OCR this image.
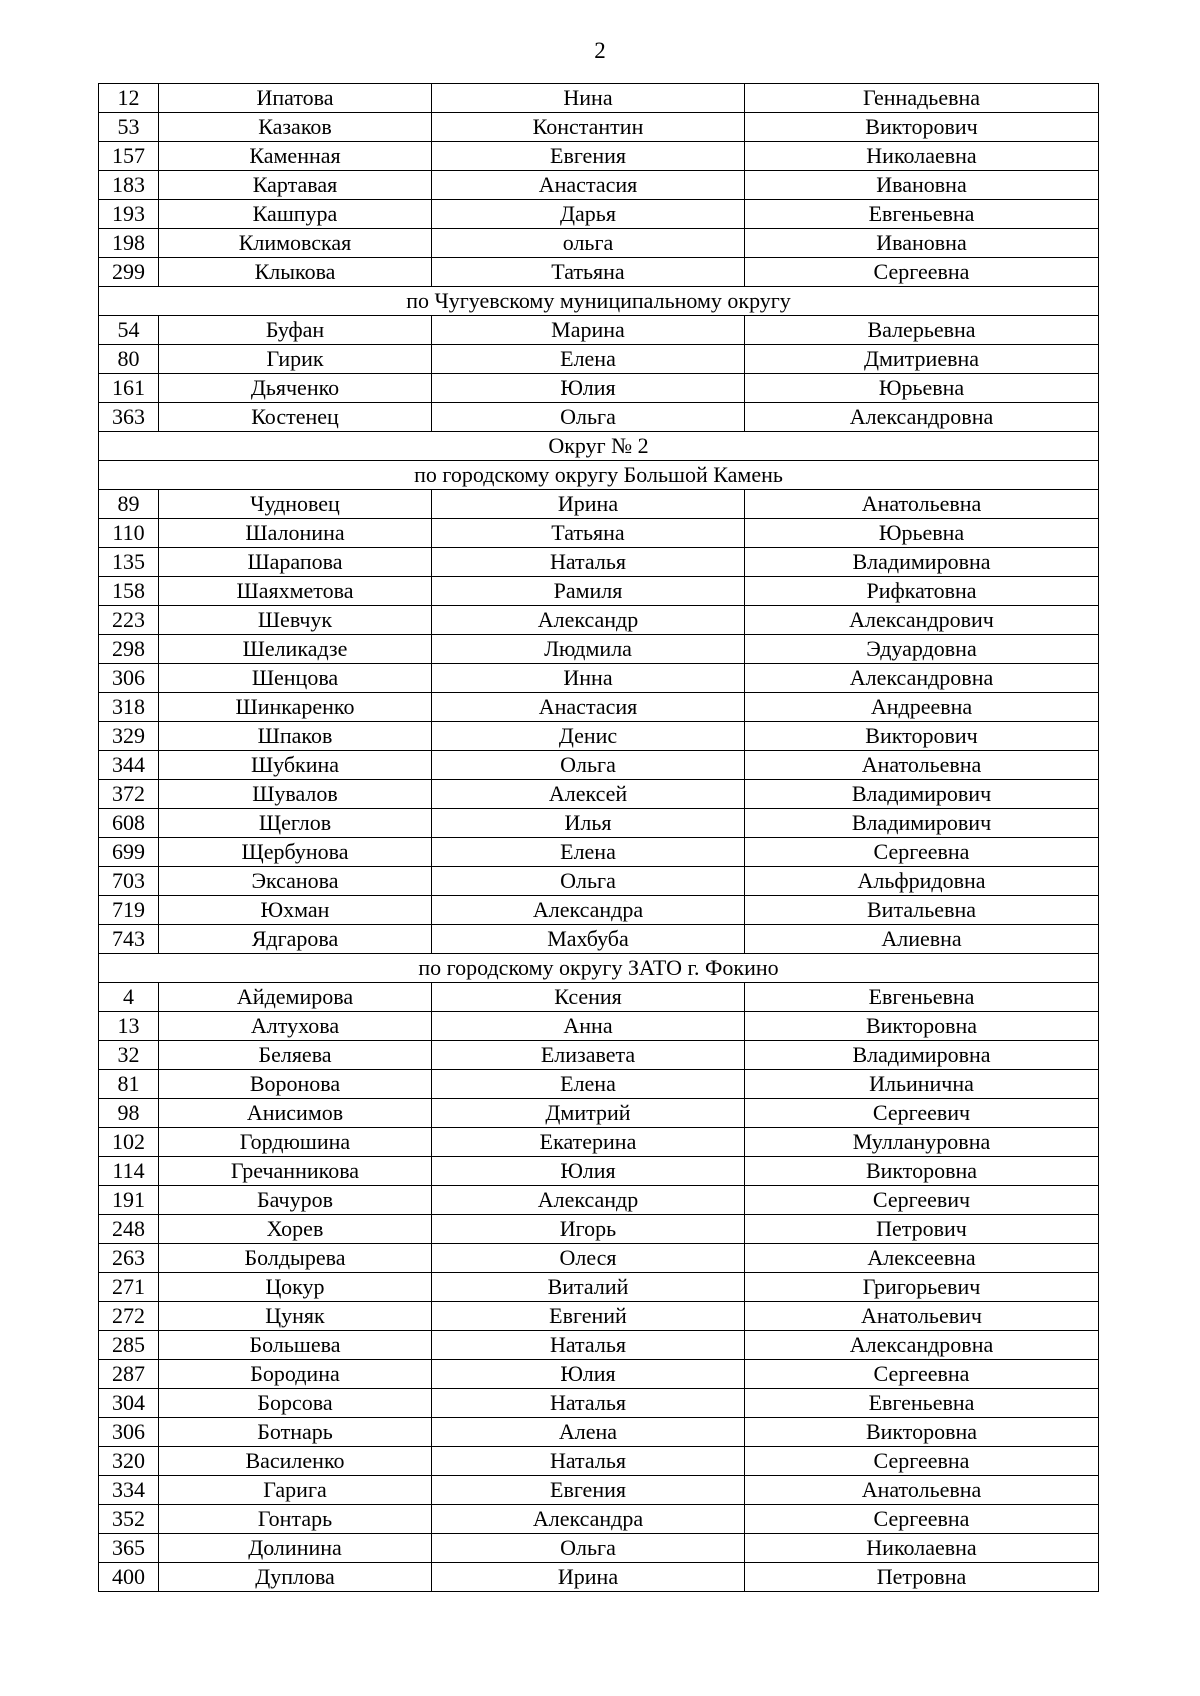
2
12	Ипатова	Нина	Геннадьевна
53	Казаков	Константин	Викторович
157	Каменная	Евгения	Николаевна
183	Картавая	Анастасия	Ивановна
193	Кашпура	Дарья	Евгеньевна
198	Климовская	ольга	Ивановна
299	Клыкова	Татьяна	Сергеевна
по Чугуевскому муниципальному округу			
54	Буфан	Марина	Валерьевна
80	Гирик	Елена	Дмитриевна
161	Дьяченко	Юлия	Юрьевна
363	Костенец	Ольга	Александровна
Округ № 2			
по городскому округу Большой Камень			
89	Чудновец	Ирина	Анатольевна
110	Шалонина	Татьяна	Юрьевна
135	Шарапова	Наталья	Владимировна
158	Шаяхметова	Рамиля	Рифкатовна
223	Шевчук	Александр	Александрович
298	Шеликадзе	Людмила	Эдуардовна
306	Шенцова	Инна	Александровна
318	Шинкаренко	Анастасия	Андреевна
329	Шпаков	Денис	Викторович
344	Шубкина	Ольга	Анатольевна
372	Шувалов	Алексей	Владимирович
608	Щеглов	Илья	Владимирович
699	Щербунова	Елена	Сергеевна
703	Эксанова	Ольга	Альфридовна
719	Юхман	Александра	Витальевна
743	Ядгарова	Махбуба	Алиевна
по городскому округу ЗАТО г. Фокино			
4	Айдемирова	Ксения	Евгеньевна
13	Алтухова	Анна	Викторовна
32	Беляева	Елизавета	Владимировна
81	Воронова	Елена	Ильинична
98	Анисимов	Дмитрий	Сергеевич
102	Гордюшина	Екатерина	Муллануровна
114	Гречанникова	Юлия	Викторовна
191	Бачуров	Александр	Сергеевич
248	Хорев	Игорь	Петрович
263	Болдырева	Олеся	Алексеевна
271	Цокур	Виталий	Григорьевич
272	Цуняк	Евгений	Анатольевич
285	Большева	Наталья	Александровна
287	Бородина	Юлия	Сергеевна
304	Борсова	Наталья	Евгеньевна
306	Ботнарь	Алена	Викторовна
320	Василенко	Наталья	Сергеевна
334	Гарига	Евгения	Анатольевна
352	Гонтарь	Александра	Сергеевна
365	Долинина	Ольга	Николаевна
400	Дуплова	Ирина	Петровна
